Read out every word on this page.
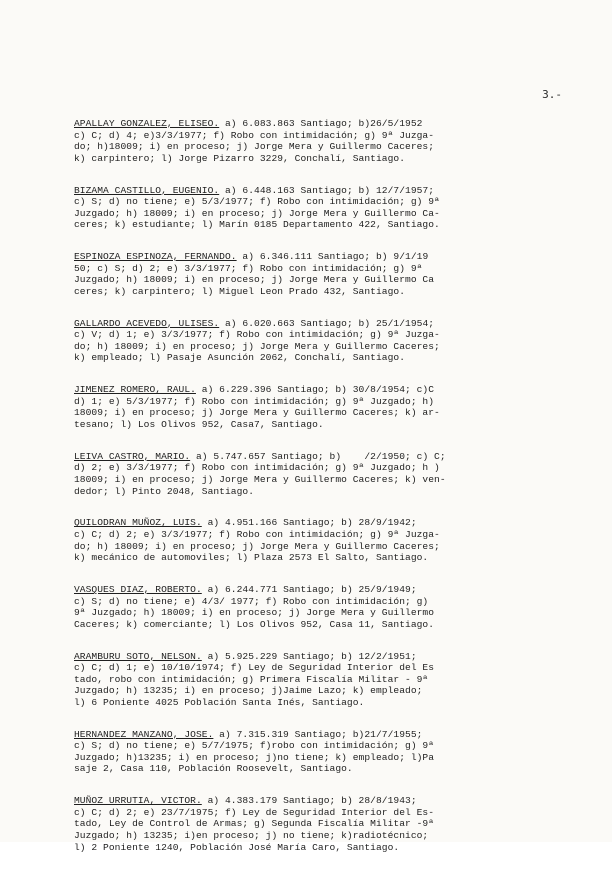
3.-
APALLAY GONZALEZ, ELISEO. a) 6.083.863 Santiago; b)26/5/1952
c) C; d) 4; e)3/3/1977; f) Robo con intimidación; g) 9ª Juzga-
do; h)18009; i) en proceso; j) Jorge Mera y Guillermo Caceres;
k) carpintero; l) Jorge Pizarro 3229, Conchalí, Santiago.
BIZAMA CASTILLO, EUGENIO. a) 6.448.163 Santiago; b) 12/7/1957;
c) S; d) no tiene; e) 5/3/1977; f) Robo con intimidación; g) 9ª
Juzgado; h) 18009; i) en proceso; j) Jorge Mera y Guillermo Ca-
ceres; k) estudiante; l) Marín 0185 Departamento 422, Santiago.
ESPINOZA ESPINOZA, FERNANDO. a) 6.346.111 Santiago; b) 9/1/19
50; c) S; d) 2; e) 3/3/1977; f) Robo con intimidación; g) 9ª
Juzgado; h) 18009; i) en proceso; j) Jorge Mera y Guillermo Ca
ceres; k) carpintero; l) Miguel Leon Prado 432, Santiago.
GALLARDO ACEVEDO, ULISES. a) 6.020.663 Santiago; b) 25/1/1954;
c) V; d) 1; e) 3/3/1977; f) Robo con intimidación; g) 9ª Juzga-
do; h) 18009; i) en proceso; j) Jorge Mera y Guillermo Caceres;
k) empleado; l) Pasaje Asunción 2062, Conchalí, Santiago.
JIMENEZ ROMERO, RAUL. a) 6.229.396 Santiago; b) 30/8/1954; c)C
d) 1; e) 5/3/1977; f) Robo con intimidación; g) 9ª Juzgado; h)
18009; i) en proceso; j) Jorge Mera y Guillermo Caceres; k) ar-
tesano; l) Los Olivos 952, Casa7, Santiago.
LEIVA CASTRO, MARIO. a) 5.747.657 Santiago; b)    /2/1950; c) C;
d) 2; e) 3/3/1977; f) Robo con intimidación; g) 9ª Juzgado; h )
18009; i) en proceso; j) Jorge Mera y Guillermo Caceres; k) ven-
dedor; l) Pinto 2048, Santiago.
QUILODRAN MUÑOZ, LUIS. a) 4.951.166 Santiago; b) 28/9/1942;
c) C; d) 2; e) 3/3/1977; f) Robo con intimidación; g) 9ª Juzga-
do; h) 18009; i) en proceso; j) Jorge Mera y Guillermo Caceres;
k) mecánico de automoviles; l) Plaza 2573 El Salto, Santiago.
VASQUES DIAZ, ROBERTO. a) 6.244.771 Santiago; b) 25/9/1949;
c) S; d) no tiene; e) 4/3/ 1977; f) Robo con intimidación; g)
9ª Juzgado; h) 18009; i) en proceso; j) Jorge Mera y Guillermo
Caceres; k) comerciante; l) Los Olivos 952, Casa 11, Santiago.
ARAMBURU SOTO, NELSON. a) 5.925.229 Santiago; b) 12/2/1951;
c) C; d) 1; e) 10/10/1974; f) Ley de Seguridad Interior del Es
tado, robo con intimidación; g) Primera Fiscalía Militar - 9ª
Juzgado; h) 13235; i) en proceso; j)Jaime Lazo; k) empleado;
l) 6 Poniente 4025 Población Santa Inés, Santiago.
HERNANDEZ MANZANO, JOSE. a) 7.315.319 Santiago; b)21/7/1955;
c) S; d) no tiene; e) 5/7/1975; f)robo con intimidación; g) 9ª
Juzgado; h)13235; i) en proceso; j)no tiene; k) empleado; l)Pa
saje 2, Casa 110, Población Roosevelt, Santiago.
MUÑOZ URRUTIA, VICTOR. a) 4.383.179 Santiago; b) 28/8/1943;
c) C; d) 2; e) 23/7/1975; f) Ley de Seguridad Interior del Es-
tado, Ley de Control de Armas; g) Segunda Fiscalía Militar -9ª
Juzgado; h) 13235; i)en proceso; j) no tiene; k)radiotécnico;
l) 2 Poniente 1240, Población José María Caro, Santiago.
